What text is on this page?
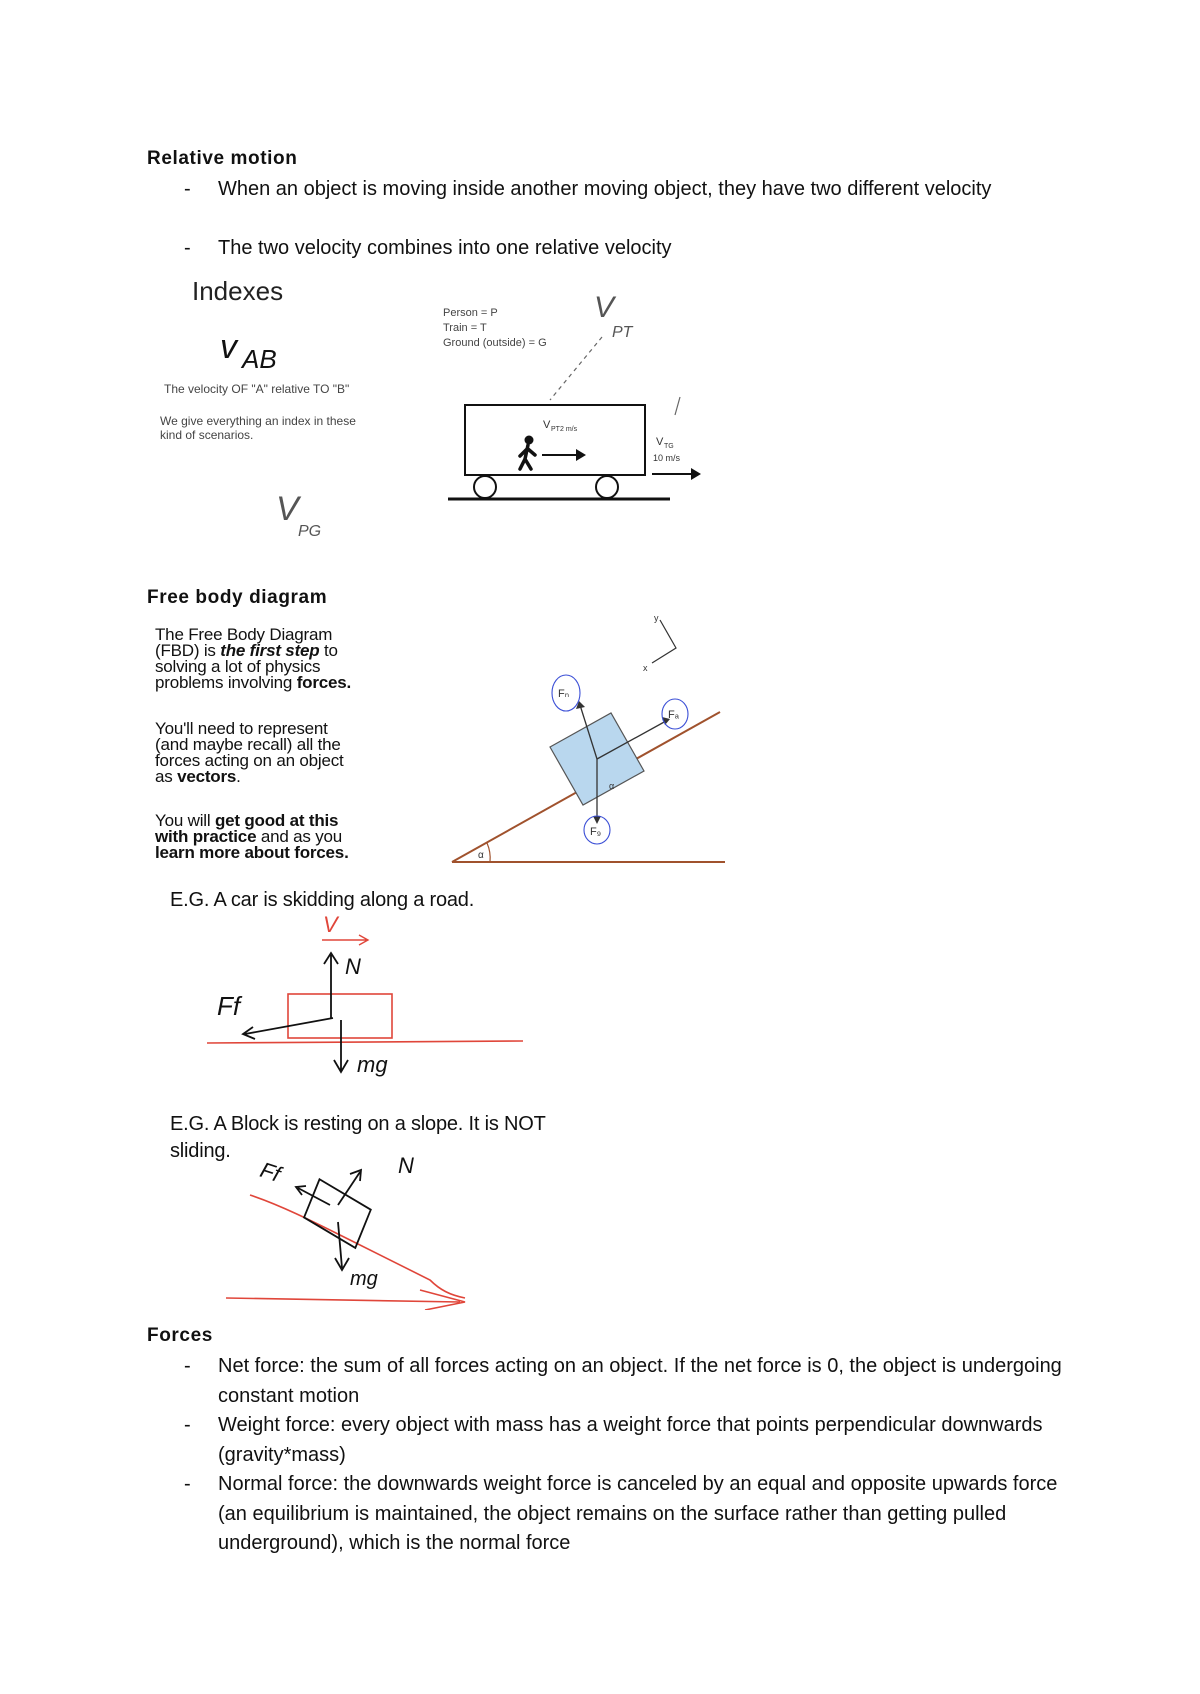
Relative motion
- When an object is moving inside another moving object, they have two different velocity
- The two velocity combines into one relative velocity
Indexes
v AB
The velocity OF "A" relative TO "B"
We give everything an index in these
kind of scenarios.
V
PG
Person = P
Train = T
Ground (outside) = G
V
PT
V PT 2 m/s
V TG
10 m/s
Free body diagram
The Free Body Diagram
(FBD) is the first step to
solving a lot of physics
problems involving forces.
You'll need to represent
(and maybe recall) all the
forces acting on an object
as vectors.
You will get good at this
with practice and as you
learn more about forces.
y
x
α
α
Fₙ
Fₐ
F₉
E.G. A car is skidding along a road.
V
N
Ff
mg
E.G. A Block is resting on a slope. It is NOT
sliding.
N
Ff
mg
Forces
- Net force: the sum of all forces acting on an object. If the net force is 0, the object is undergoing constant motion
- Weight force: every object with mass has a weight force that points perpendicular downwards (gravity*mass)
- Normal force: the downwards weight force is canceled by an equal and opposite upwards force (an equilibrium is maintained, the object remains on the surface rather than getting pulled underground), which is the normal force
